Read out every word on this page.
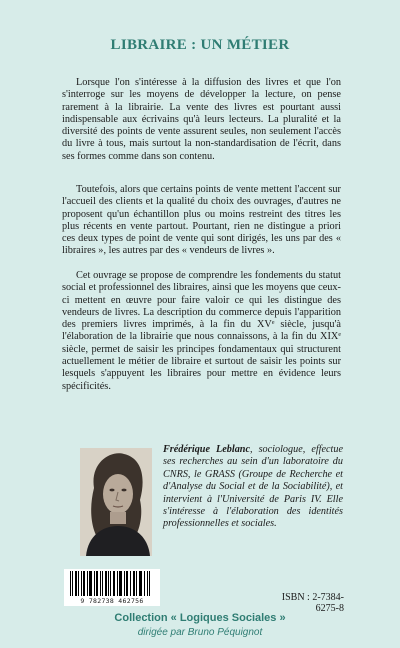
LIBRAIRE : UN MÉTIER

Lorsque l'on s'intéresse à la diffusion des livres et que l'on s'interroge sur les moyens de développer la lecture, on pense rarement à la librairie. La vente des livres est pourtant aussi indispensable aux écrivains qu'à leurs lecteurs. La pluralité et la diversité des points de vente assurent seules, non seulement l'accès du livre à tous, mais surtout la non-standardisation de l'écrit, dans ses formes comme dans son contenu.

Toutefois, alors que certains points de vente mettent l'accent sur l'accueil des clients et la qualité du choix des ouvrages, d'autres ne proposent qu'un échantillon plus ou moins restreint des titres les plus récents en vente partout. Pourtant, rien ne distingue a priori ces deux types de point de vente qui sont dirigés, les uns par des « libraires », les autres par des « vendeurs de livres ».

Cet ouvrage se propose de comprendre les fondements du statut social et professionnel des libraires, ainsi que les moyens que ceux-ci mettent en œuvre pour faire valoir ce qui les distingue des vendeurs de livres. La description du commerce depuis l'apparition des premiers livres imprimés, à la fin du XVᵉ siècle, jusqu'à l'élaboration de la librairie que nous connaissons, à la fin du XIXᵉ siècle, permet de saisir les principes fondamentaux qui structurent actuellement le métier de libraire et surtout de saisir les points sur lesquels s'appuyent les libraires pour mettre en évidence leurs spécificités.

Frédérique Leblanc, sociologue, effectue ses recherches au sein d'un laboratoire du CNRS, le GRASS (Groupe de Recherche et d'Analyse du Social et de la Sociabilité), et intervient à l'Université de Paris IV. Elle s'intéresse à l'élaboration des identités professionnelles et sociales.
9 782738 462756	ISBN : 2-7384-6275-8
Collection « Logiques Sociales »
dirigée par Bruno Péquignot
